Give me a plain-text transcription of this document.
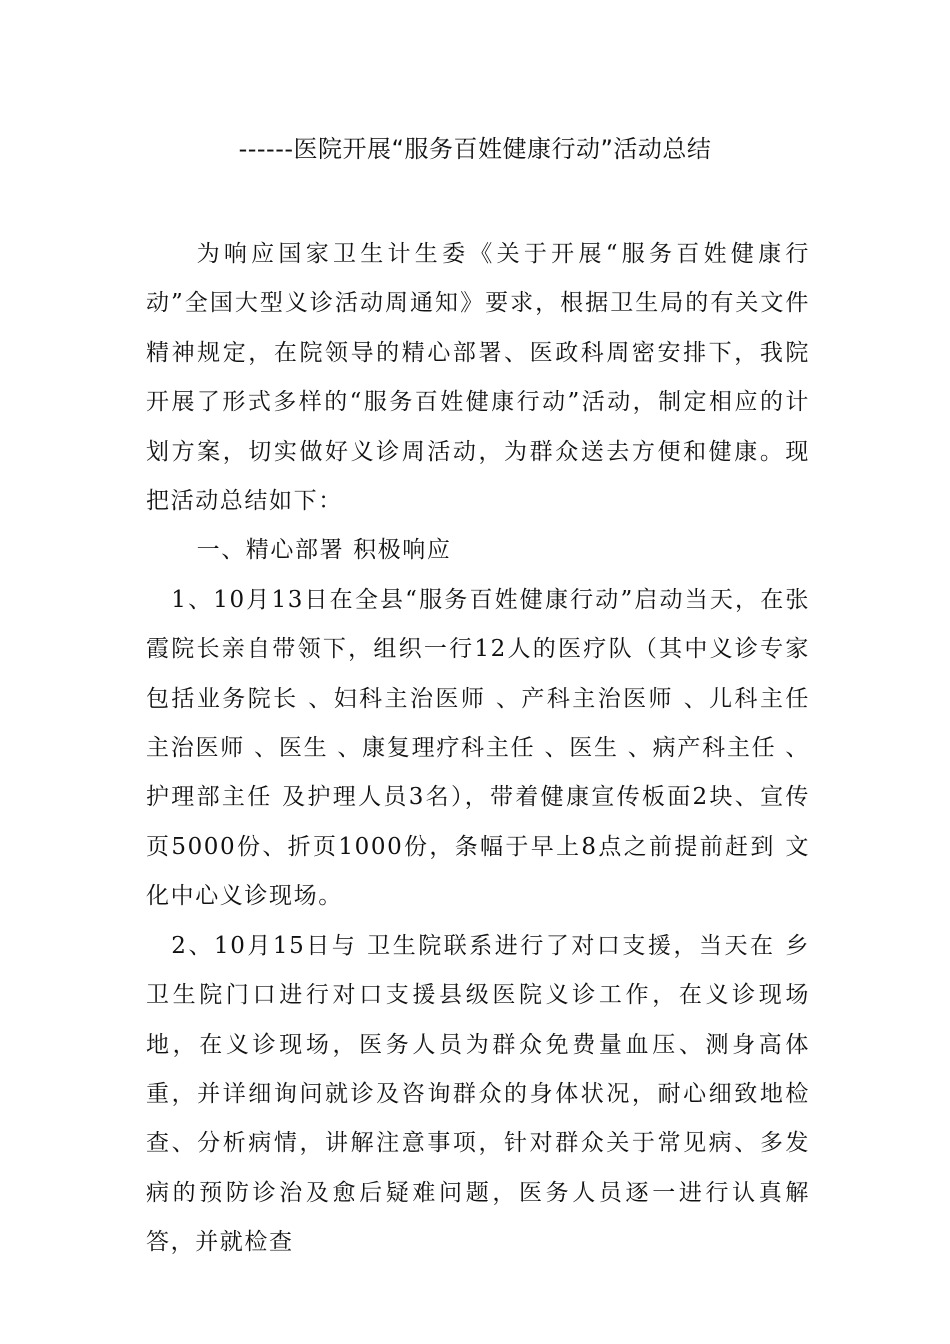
------医院开展“服务百姓健康行动”活动总结

为响应国家卫生计生委《关于开展“服务百姓健康行动”全国大型义诊活动周通知》要求，根据卫生局的有关文件精神规定，在院领导的精心部署、医政科周密安排下，我院开展了形式多样的“服务百姓健康行动”活动，制定相应的计划方案，切实做好义诊周活动，为群众送去方便和健康。现把活动总结如下：

一、精心部署 积极响应

1、10月13日在全县“服务百姓健康行动”启动当天，在张霞院长亲自带领下，组织一行12人的医疗队（其中义诊专家包括业务院长 、妇科主治医师 、产科主治医师 、儿科主任主治医师 、医生 、康复理疗科主任 、医生 、病产科主任 、护理部主任 及护理人员3名），带着健康宣传板面2块、宣传页5000份、折页1000份，条幅于早上8点之前提前赶到 文化中心义诊现场。

2、10月15日与 卫生院联系进行了对口支援，当天在 乡卫生院门口进行对口支援县级医院义诊工作，在义诊现场地，在义诊现场，医务人员为群众免费量血压、测身高体重，并详细询问就诊及咨询群众的身体状况，耐心细致地检查、分析病情，讲解注意事项，针对群众关于常见病、多发病的预防诊治及愈后疑难问题，医务人员逐一进行认真解答，并就检查
